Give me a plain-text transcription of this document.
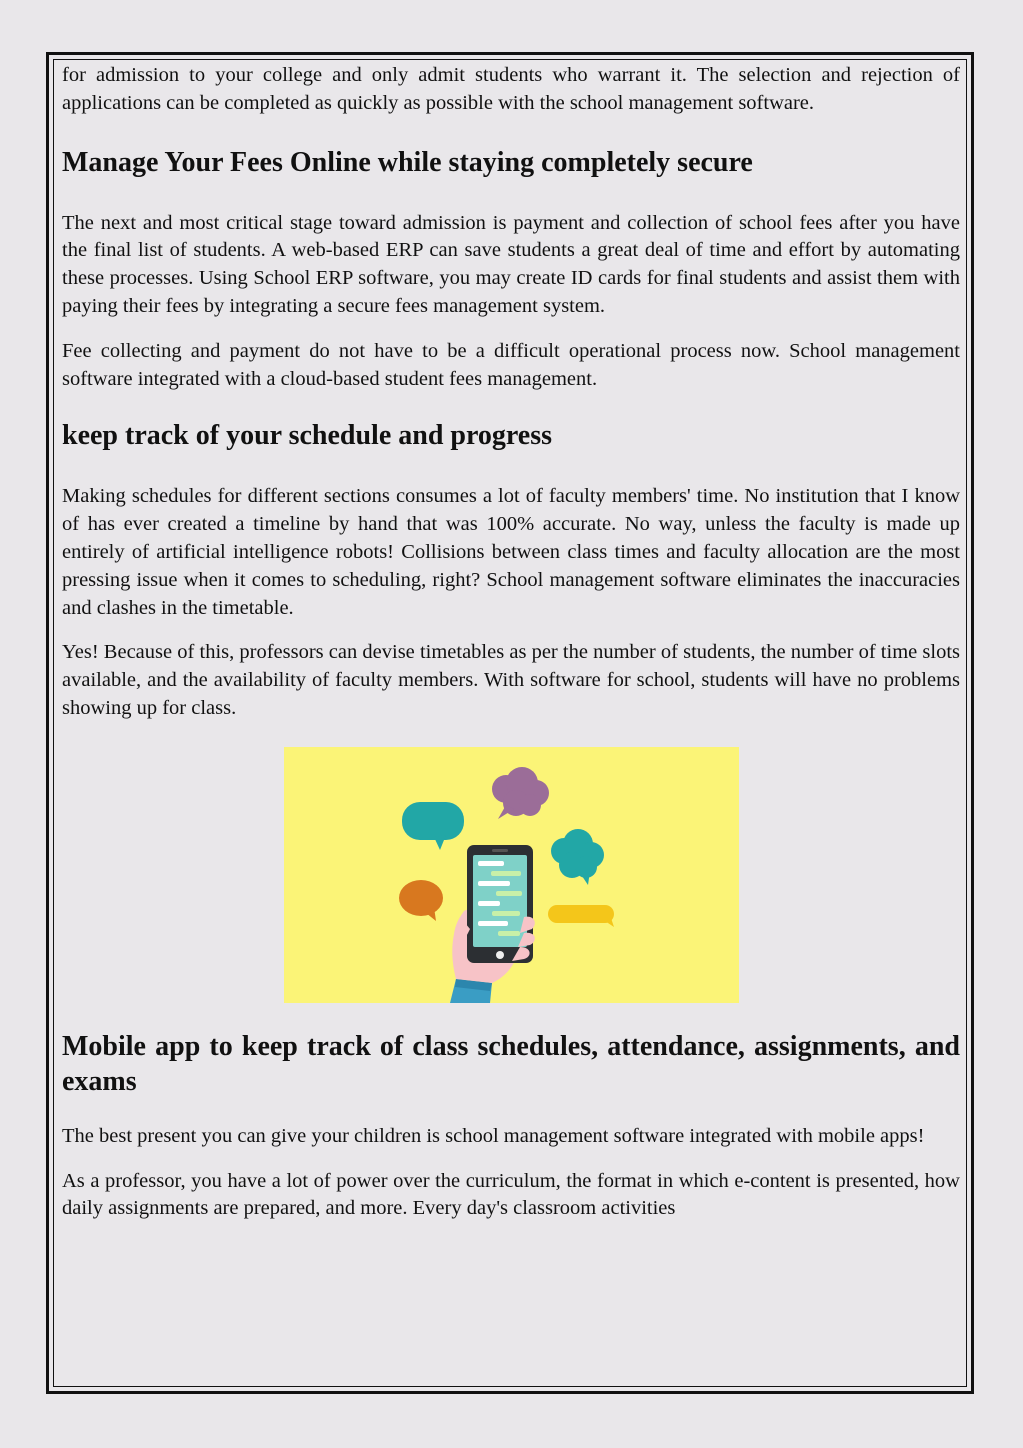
for admission to your college and only admit students who warrant it. The selection and rejection of applications can be completed as quickly as possible with the school management software.

Manage Your Fees Online while staying completely secure

The next and most critical stage toward admission is payment and collection of school fees after you have the final list of students. A web-based ERP can save students a great deal of time and effort by automating these processes. Using School ERP software, you may create ID cards for final students and assist them with paying their fees by integrating a secure fees management system.

Fee collecting and payment do not have to be a difficult operational process now. School management software integrated with a cloud-based student fees management.

keep track of your schedule and progress

Making schedules for different sections consumes a lot of faculty members' time. No institution that I know of has ever created a timeline by hand that was 100% accurate. No way, unless the faculty is made up entirely of artificial intelligence robots! Collisions between class times and faculty allocation are the most pressing issue when it comes to scheduling, right? School management software eliminates the inaccuracies and clashes in the timetable.

Yes! Because of this, professors can devise timetables as per the number of students, the number of time slots available, and the availability of faculty members. With software for school, students will have no problems showing up for class.

Mobile app to keep track of class schedules, attendance, assignments, and exams

The best present you can give your children is school management software integrated with mobile apps!

As a professor, you have a lot of power over the curriculum, the format in which e-content is presented, how daily assignments are prepared, and more. Every day's classroom activities
